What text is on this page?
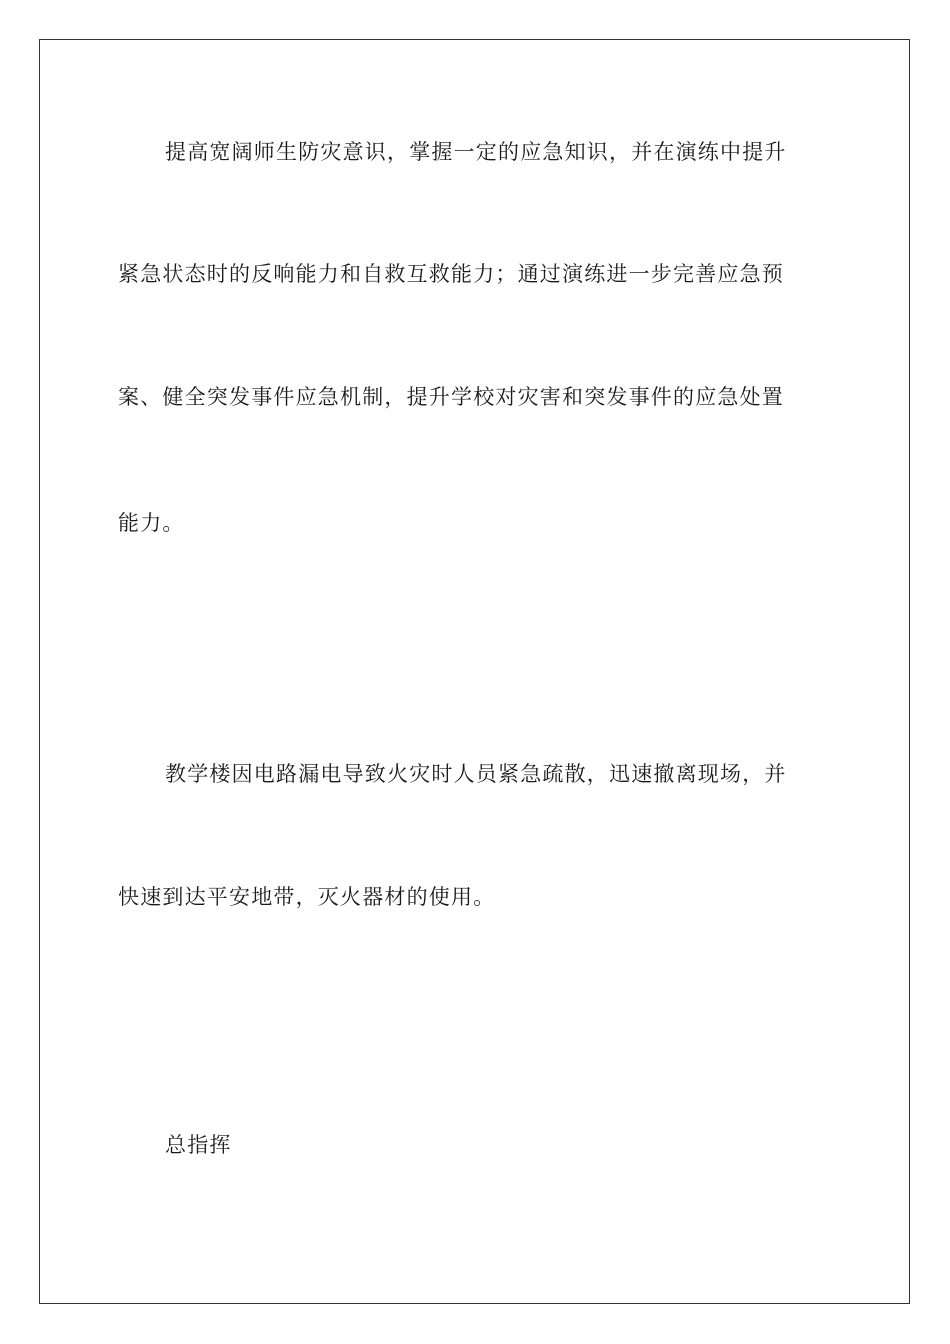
提高宽阔师生防灾意识，掌握一定的应急知识，并在演练中提升
紧急状态时的反响能力和自救互救能力；通过演练进一步完善应急预
案、健全突发事件应急机制，提升学校对灾害和突发事件的应急处置
能力。
教学楼因电路漏电导致火灾时人员紧急疏散，迅速撤离现场，并
快速到达平安地带，灭火器材的使用。
总指挥
